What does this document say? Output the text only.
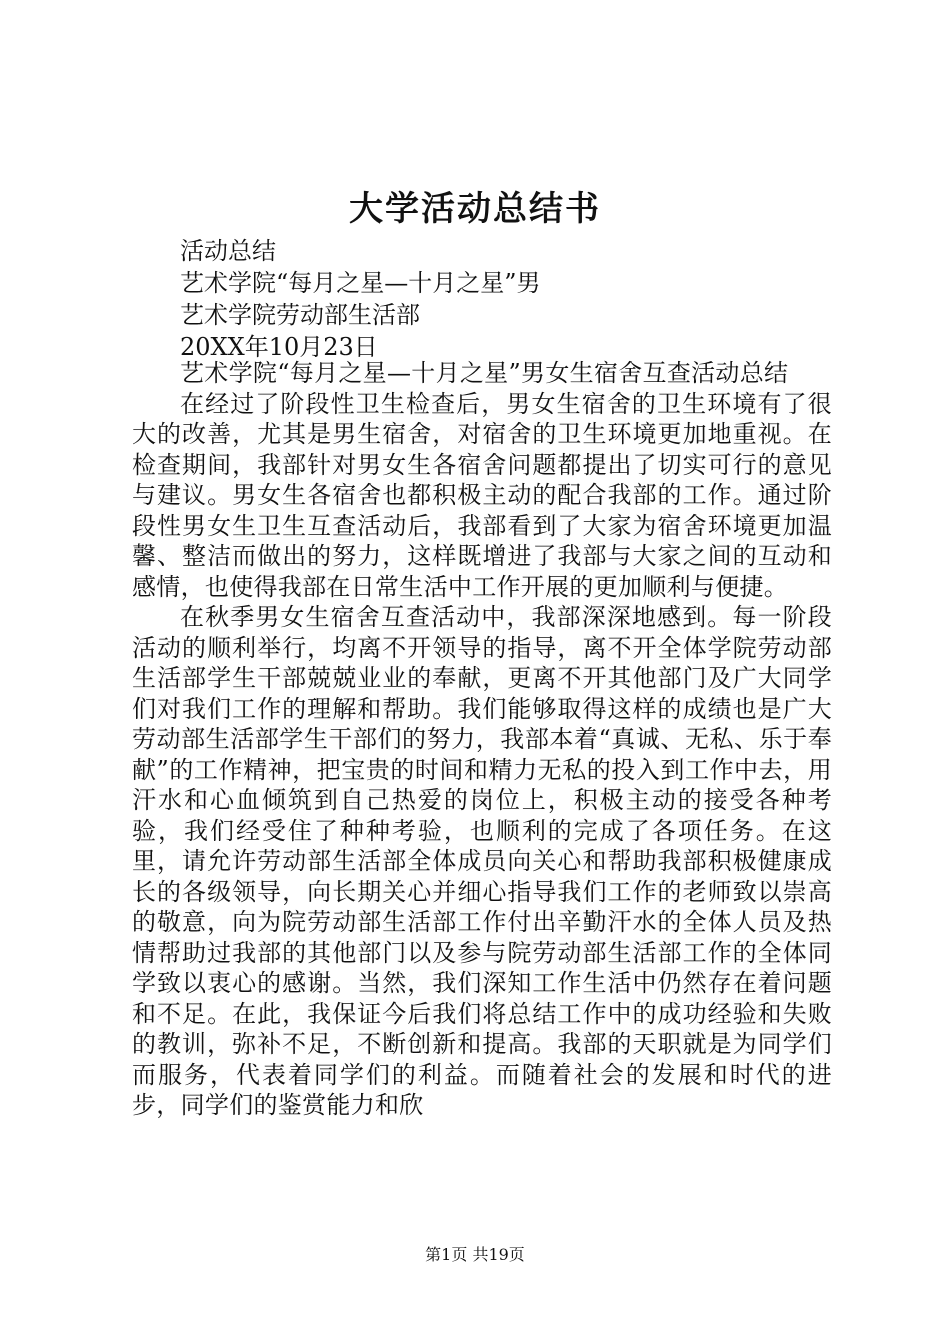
大学活动总结书
活动总结
艺术学院“每月之星—十月之星”男
艺术学院劳动部生活部
20XX年10月23日

艺术学院“每月之星—十月之星”男女生宿舍互查活动总结

在经过了阶段性卫生检查后，男女生宿舍的卫生环境有了很大的改善，尤其是男生宿舍，对宿舍的卫生环境更加地重视。在检查期间，我部针对男女生各宿舍问题都提出了切实可行的意见与建议。男女生各宿舍也都积极主动的配合我部的工作。通过阶段性男女生卫生互查活动后，我部看到了大家为宿舍环境更加温馨、整洁而做出的努力，这样既增进了我部与大家之间的互动和感情，也使得我部在日常生活中工作开展的更加顺利与便捷。

在秋季男女生宿舍互查活动中，我部深深地感到。每一阶段活动的顺利举行，均离不开领导的指导，离不开全体学院劳动部生活部学生干部兢兢业业的奉献，更离不开其他部门及广大同学们对我们工作的理解和帮助。我们能够取得这样的成绩也是广大劳动部生活部学生干部们的努力，我部本着“真诚、无私、乐于奉献”的工作精神，把宝贵的时间和精力无私的投入到工作中去，用汗水和心血倾筑到自己热爱的岗位上，积极主动的接受各种考验，我们经受住了种种考验，也顺利的完成了各项任务。在这里，请允许劳动部生活部全体成员向关心和帮助我部积极健康成长的各级领导，向长期关心并细心指导我们工作的老师致以崇高的敬意，向为院劳动部生活部工作付出辛勤汗水的全体人员及热情帮助过我部的其他部门以及参与院劳动部生活部工作的全体同学致以衷心的感谢。当然，我们深知工作生活中仍然存在着问题和不足。在此，我保证今后我们将总结工作中的成功经验和失败的教训，弥补不足，不断创新和提高。我部的天职就是为同学们而服务，代表着同学们的利益。而随着社会的发展和时代的进步，同学们的鉴赏能力和欣

第1页 共19页
